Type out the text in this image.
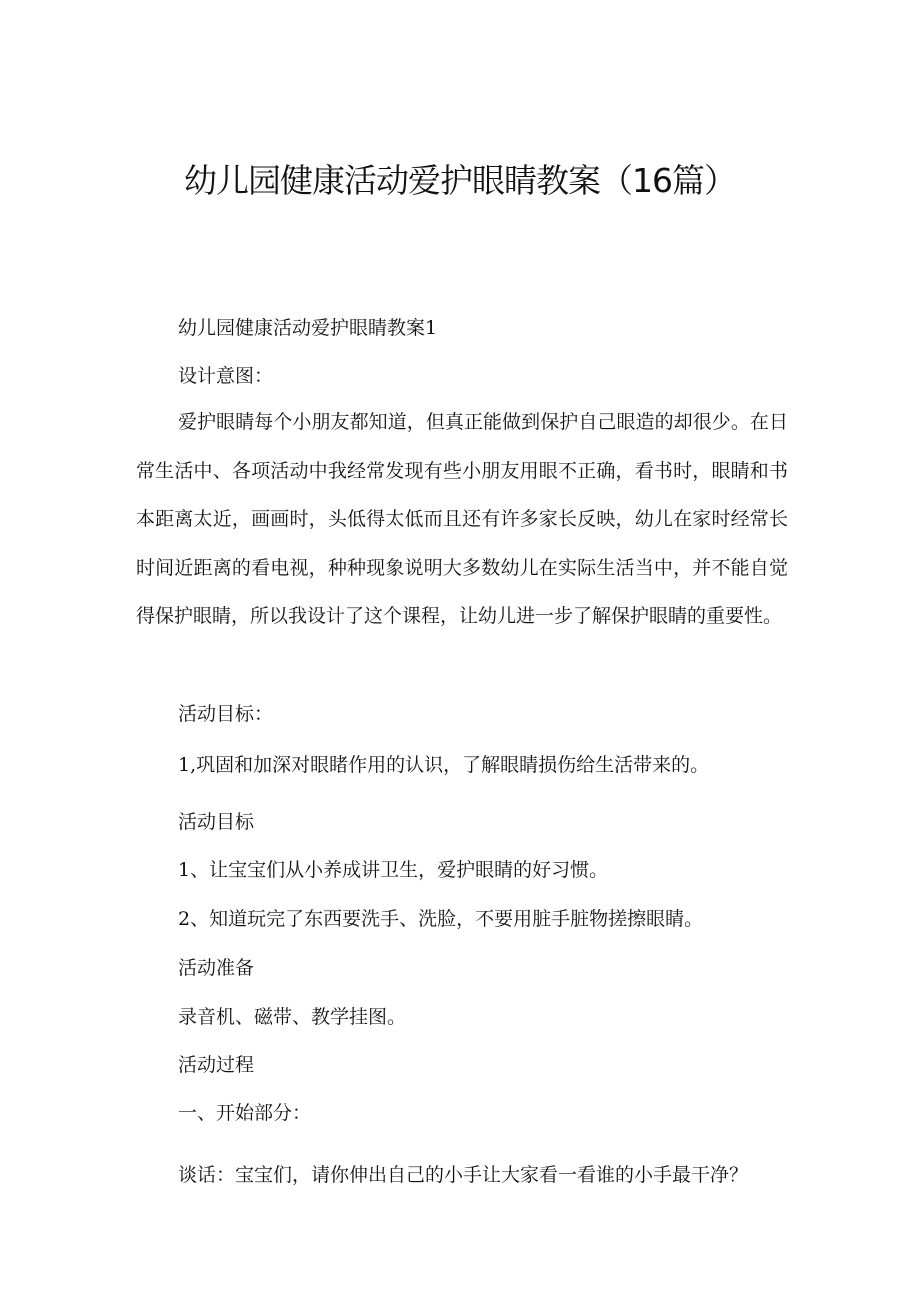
幼儿园健康活动爱护眼睛教案（16篇）

幼儿园健康活动爱护眼睛教案1

设计意图：

爱护眼睛每个小朋友都知道，但真正能做到保护自己眼造的却很少。在日常生活中、各项活动中我经常发现有些小朋友用眼不正确，看书时，眼睛和书本距离太近，画画时，头低得太低而且还有许多家长反映，幼儿在家时经常长时间近距离的看电视，种种现象说明大多数幼儿在实际生活当中，并不能自觉得保护眼睛，所以我设计了这个课程，让幼儿进一步了解保护眼睛的重要性。

活动目标：

1,巩固和加深对眼睹作用的认识，了解眼睛损伤给生活带来的。

活动目标

1、让宝宝们从小养成讲卫生，爱护眼睛的好习惯。

2、知道玩完了东西要洗手、洗脸，不要用脏手脏物搓擦眼睛。

活动准备

录音机、磁带、教学挂图。

活动过程

一、开始部分：

谈话：宝宝们，请你伸出自己的小手让大家看一看谁的小手最干净？
